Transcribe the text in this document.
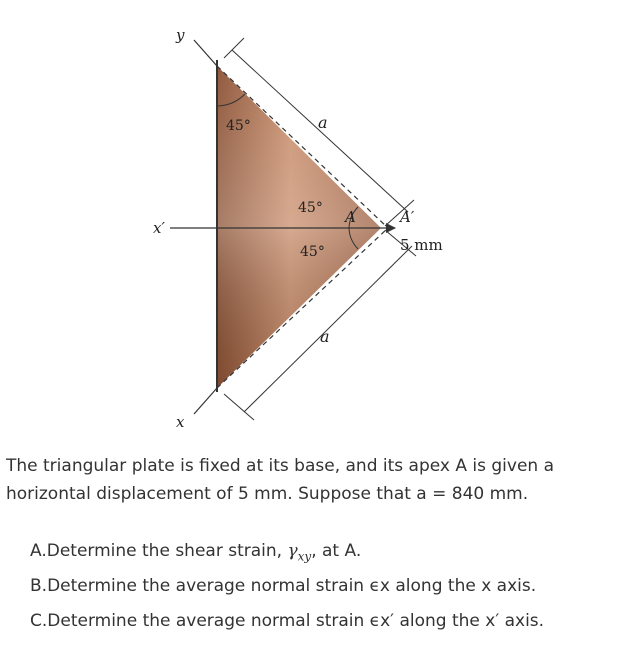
y
x′
x
45°	a
45° A	A′
45°	5 mm
a

The triangular plate is fixed at its base, and its apex A is given a horizontal displacement of 5 mm. Suppose that a = 840 mm.

A.Determine the shear strain, $\gamma_{xy}$, at A.
B.Determine the average normal strain ϵx along the x axis.
C.Determine the average normal strain ϵx′ along the x′ axis.
